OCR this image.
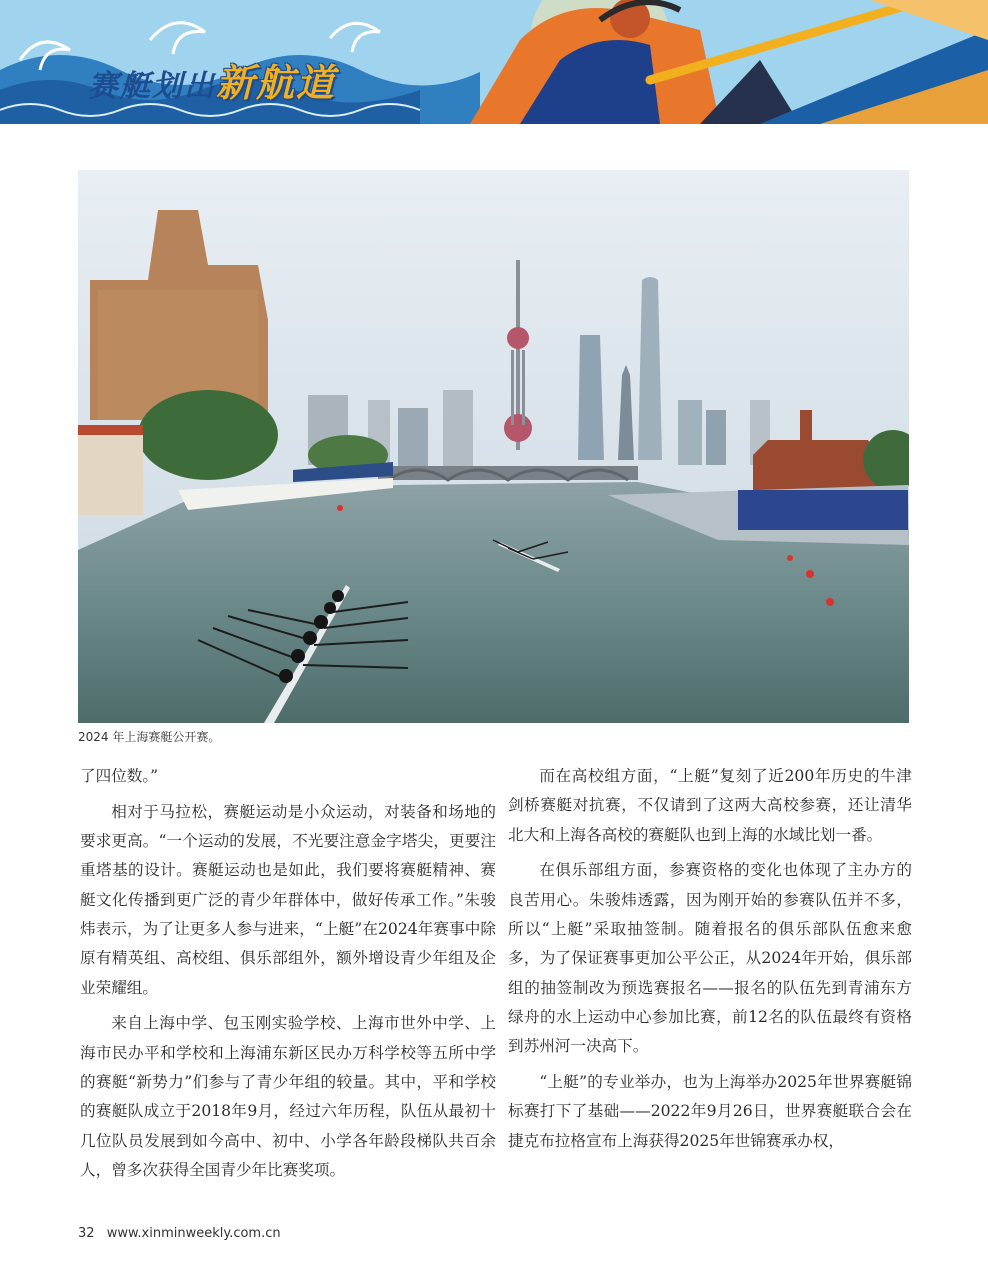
赛艇划出新航道
2024 年上海赛艇公开赛。

了四位数。”

相对于马拉松，赛艇运动是小众运动，对装备和场地的要求更高。“一个运动的发展，不光要注意金字塔尖，更要注重塔基的设计。赛艇运动也是如此，我们要将赛艇精神、赛艇文化传播到更广泛的青少年群体中，做好传承工作。”朱骏炜表示，为了让更多人参与进来，“上艇”在2024年赛事中除原有精英组、高校组、俱乐部组外，额外增设青少年组及企业荣耀组。

来自上海中学、包玉刚实验学校、上海市世外中学、上海市民办平和学校和上海浦东新区民办万科学校等五所中学的赛艇“新势力”们参与了青少年组的较量。其中，平和学校的赛艇队成立于2018年9月，经过六年历程，队伍从最初十几位队员发展到如今高中、初中、小学各年龄段梯队共百余人，曾多次获得全国青少年比赛奖项。

而在高校组方面，“上艇”复刻了近200年历史的牛津剑桥赛艇对抗赛，不仅请到了这两大高校参赛，还让清华北大和上海各高校的赛艇队也到上海的水域比划一番。

在俱乐部组方面，参赛资格的变化也体现了主办方的良苦用心。朱骏炜透露，因为刚开始的参赛队伍并不多，所以“上艇”采取抽签制。随着报名的俱乐部队伍愈来愈多，为了保证赛事更加公平公正，从2024年开始，俱乐部组的抽签制改为预选赛报名——报名的队伍先到青浦东方绿舟的水上运动中心参加比赛，前12名的队伍最终有资格到苏州河一决高下。

“上艇”的专业举办，也为上海举办2025年世界赛艇锦标赛打下了基础——2022年9月26日，世界赛艇联合会在捷克布拉格宣布上海获得2025年世锦赛承办权，

32 www.xinminweekly.com.cn
